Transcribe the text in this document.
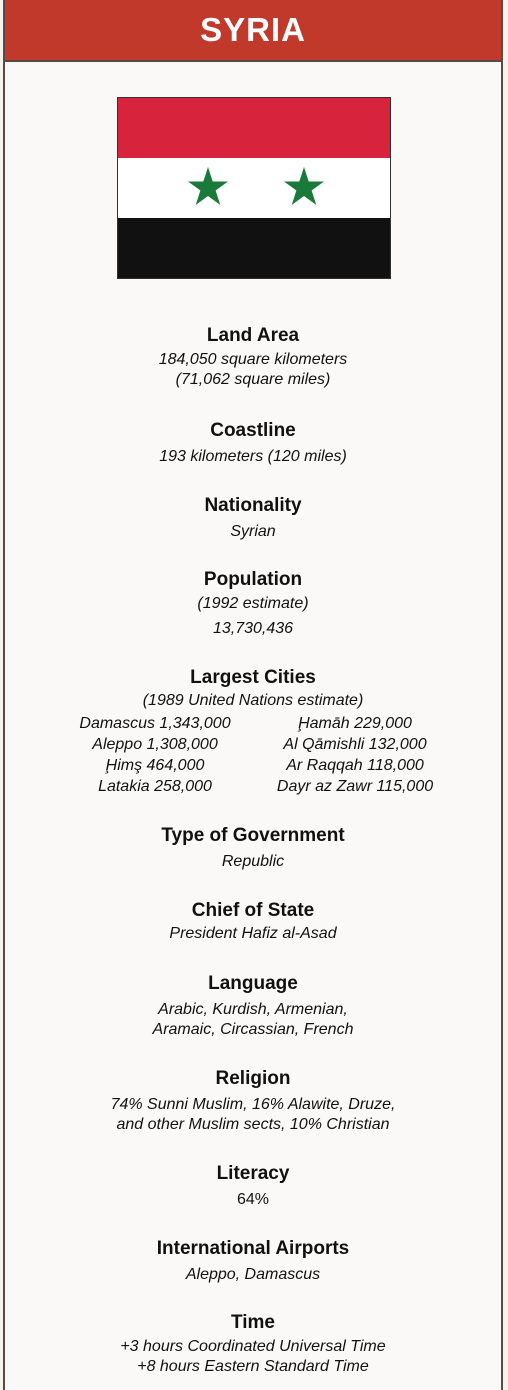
SYRIA
Land Area
184,050 square kilometers
(71,062 square miles)
Coastline
193 kilometers (120 miles)
Nationality
Syrian
Population
(1992 estimate)
13,730,436
Largest Cities
(1989 United Nations estimate)
Damascus 1,343,000
Aleppo 1,308,000
Ḩimş 464,000
Latakia 258,000
Ḩamāh 229,000
Al Qāmishli 132,000
Ar Raqqah 118,000
Dayr az Zawr 115,000
Type of Government
Republic
Chief of State
President Hafiz al-Asad
Language
Arabic, Kurdish, Armenian,
Aramaic, Circassian, French
Religion
74% Sunni Muslim, 16% Alawite, Druze,
and other Muslim sects, 10% Christian
Literacy
64%
International Airports
Aleppo, Damascus
Time
+3 hours Coordinated Universal Time
+8 hours Eastern Standard Time
